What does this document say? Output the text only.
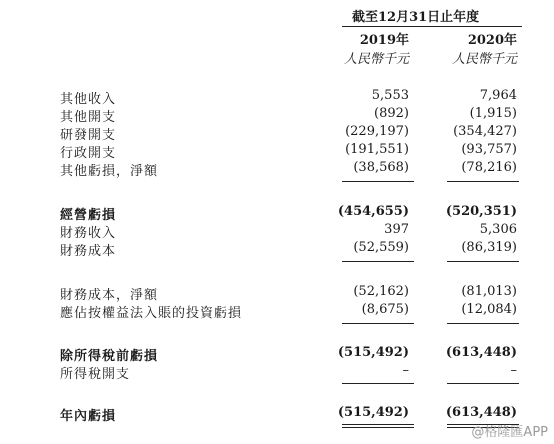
截至12月31日止年度
2019年	2020年
人民幣千元	人民幣千元
其他收入	5,553	7,964
其他開支	(892)	(1,915)
研發開支	(229,197)	(354,427)
行政開支	(191,551)	(93,757)
其他虧損，淨額	(38,568)	(78,216)
經營虧損	(454,655)	(520,351)
財務收入	397	5,306
財務成本	(52,559)	(86,319)
財務成本，淨額	(52,162)	(81,013)
應佔按權益法入賬的投資虧損	(8,675)	(12,084)
除所得稅前虧損	(515,492)	(613,448)
所得稅開支	–	–
年內虧損	(515,492)	(613,448)
@格隆匯APP
